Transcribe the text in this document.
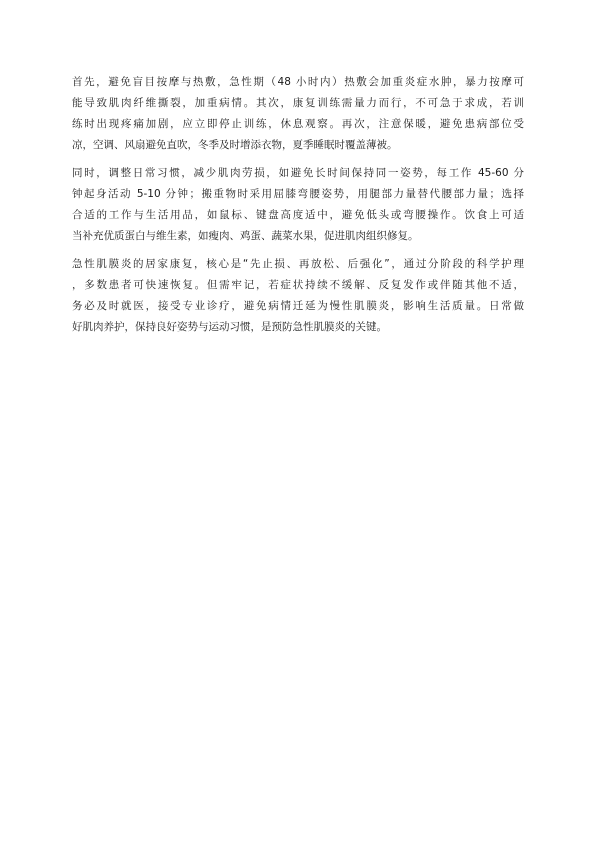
首先，避免盲目按摩与热敷，急性期（48 小时内）热敷会加重炎症水肿，暴力按摩可
能导致肌肉纤维撕裂，加重病情。其次，康复训练需量力而行，不可急于求成，若训
练时出现疼痛加剧，应立即停止训练，休息观察。再次，注意保暖，避免患病部位受
凉，空调、风扇避免直吹，冬季及时增添衣物，夏季睡眠时覆盖薄被。

同时，调整日常习惯，减少肌肉劳损，如避免长时间保持同一姿势，每工作 45-60 分
钟起身活动 5-10 分钟；搬重物时采用屈膝弯腰姿势，用腿部力量替代腰部力量；选择
合适的工作与生活用品，如鼠标、键盘高度适中，避免低头或弯腰操作。饮食上可适
当补充优质蛋白与维生素，如瘦肉、鸡蛋、蔬菜水果，促进肌肉组织修复。

急性肌膜炎的居家康复，核心是“先止损、再放松、后强化”，通过分阶段的科学护理
，多数患者可快速恢复。但需牢记，若症状持续不缓解、反复发作或伴随其他不适，
务必及时就医，接受专业诊疗，避免病情迁延为慢性肌膜炎，影响生活质量。日常做
好肌肉养护，保持良好姿势与运动习惯，是预防急性肌膜炎的关键。
